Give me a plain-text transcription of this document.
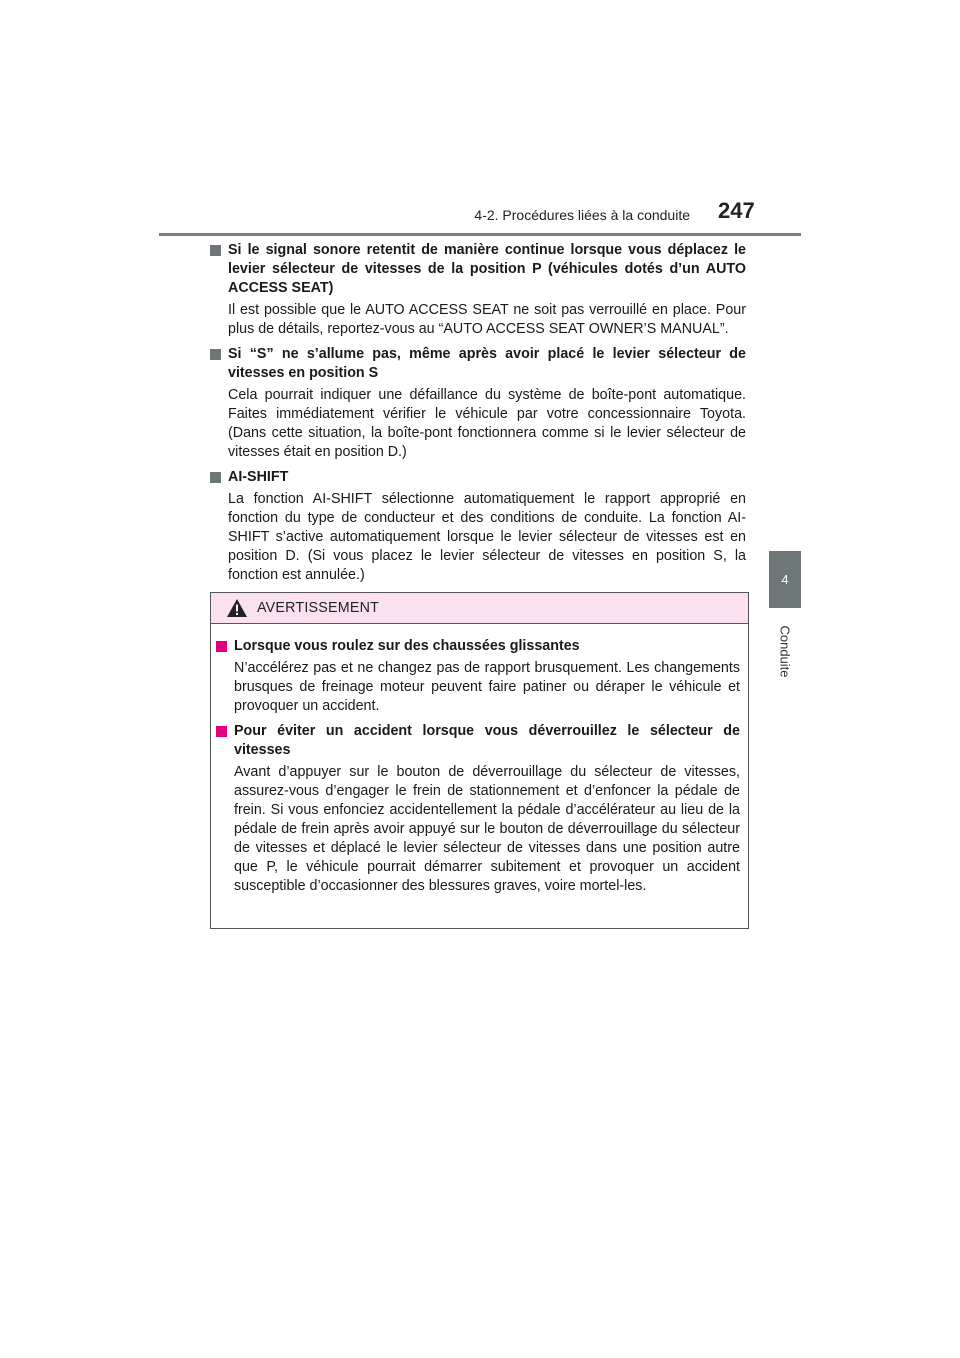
4-2. Procédures liées à la conduite 247
4
Conduite
Si le signal sonore retentit de manière continue lorsque vous déplacez le levier sélecteur de vitesses de la position P (véhicules dotés d’un AUTO ACCESS SEAT)
Il est possible que le AUTO ACCESS SEAT ne soit pas verrouillé en place. Pour plus de détails, reportez-vous au “AUTO ACCESS SEAT OWNER’S MANUAL”.
Si “S” ne s’allume pas, même après avoir placé le levier sélecteur de vitesses en position S
Cela pourrait indiquer une défaillance du système de boîte-pont automatique. Faites immédiatement vérifier le véhicule par votre concessionnaire Toyota. (Dans cette situation, la boîte-pont fonctionnera comme si le levier sélecteur de vitesses était en position D.)
AI-SHIFT
La fonction AI-SHIFT sélectionne automatiquement le rapport approprié en fonction du type de conducteur et des conditions de conduite. La fonction AI-SHIFT s’active automatiquement lorsque le levier sélecteur de vitesses est en position D. (Si vous placez le levier sélecteur de vitesses en position S, la fonction est annulée.)
AVERTISSEMENT
Lorsque vous roulez sur des chaussées glissantes
N’accélérez pas et ne changez pas de rapport brusquement. Les changements brusques de freinage moteur peuvent faire patiner ou déraper le véhicule et provoquer un accident.
Pour éviter un accident lorsque vous déverrouillez le sélecteur de vitesses
Avant d’appuyer sur le bouton de déverrouillage du sélecteur de vitesses, assurez-vous d’engager le frein de stationnement et d’enfoncer la pédale de frein. Si vous enfonciez accidentellement la pédale d’accélérateur au lieu de la pédale de frein après avoir appuyé sur le bouton de déverrouillage du sélecteur de vitesses et déplacé le levier sélecteur de vitesses dans une position autre que P, le véhicule pourrait démarrer subitement et provoquer un accident susceptible d’occasionner des blessures graves, voire mortel-les.
